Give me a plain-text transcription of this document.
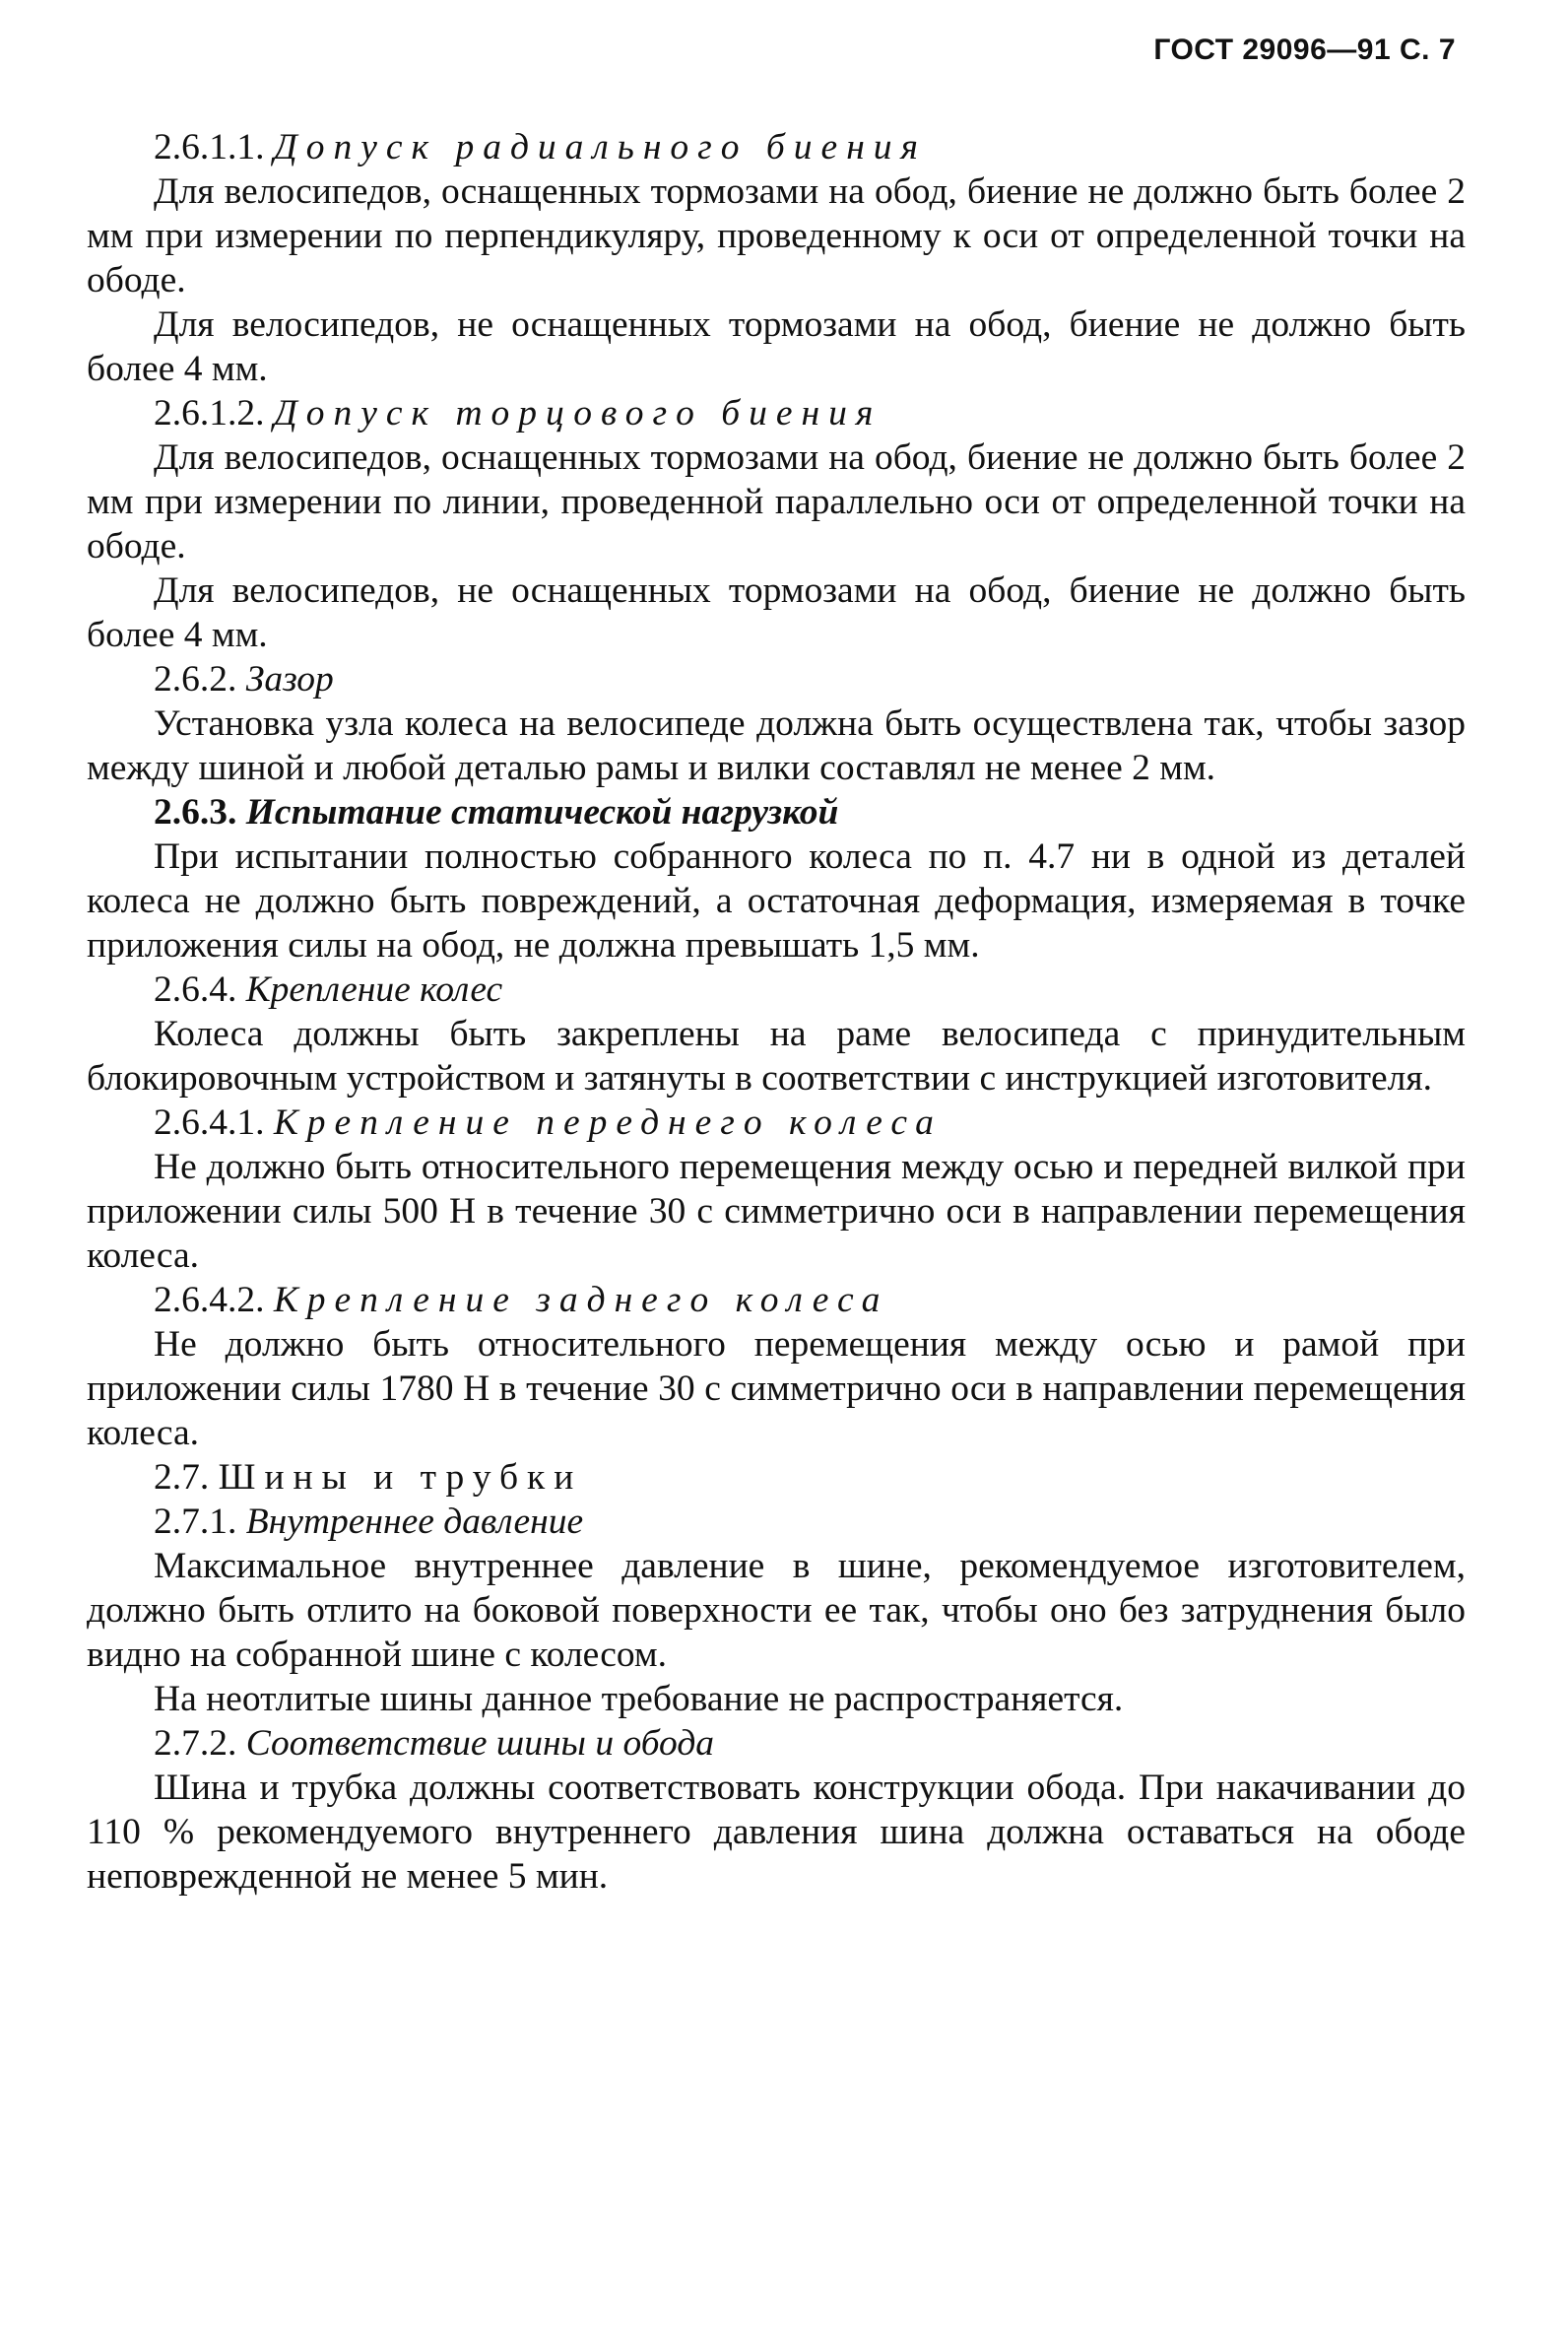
ГОСТ 29096—91 С. 7

2.6.1.1. Допуск радиального биения

Для велосипедов, оснащенных тормозами на обод, биение не должно быть более 2 мм при измерении по перпендикуляру, проведенному к оси от определенной точки на ободе.

Для велосипедов, не оснащенных тормозами на обод, биение не должно быть более 4 мм.

2.6.1.2. Допуск торцового биения

Для велосипедов, оснащенных тормозами на обод, биение не должно быть более 2 мм при измерении по линии, проведенной параллельно оси от определенной точки на ободе.

Для велосипедов, не оснащенных тормозами на обод, биение не должно быть более 4 мм.

2.6.2. Зазор

Установка узла колеса на велосипеде должна быть осуществлена так, чтобы зазор между шиной и любой деталью рамы и вилки составлял не менее 2 мм.

2.6.3. Испытание статической нагрузкой

При испытании полностью собранного колеса по п. 4.7 ни в одной из деталей колеса не должно быть повреждений, а остаточная деформация, измеряемая в точке приложения силы на обод, не должна превышать 1,5 мм.

2.6.4. Крепление колес

Колеса должны быть закреплены на раме велосипеда с принудительным блокировочным устройством и затянуты в соответствии с инструкцией изготовителя.

2.6.4.1. Крепление переднего колеса

Не должно быть относительного перемещения между осью и передней вилкой при приложении силы 500 Н в течение 30 с симметрично оси в направлении перемещения колеса.

2.6.4.2. Крепление заднего колеса

Не должно быть относительного перемещения между осью и рамой при приложении силы 1780 Н в течение 30 с симметрично оси в направлении перемещения колеса.

2.7. Шины и трубки

2.7.1. Внутреннее давление

Максимальное внутреннее давление в шине, рекомендуемое изготовителем, должно быть отлито на боковой поверхности ее так, чтобы оно без затруднения было видно на собранной шине с колесом.

На неотлитые шины данное требование не распространяется.

2.7.2. Соответствие шины и обода

Шина и трубка должны соответствовать конструкции обода. При накачивании до 110 % рекомендуемого внутреннего давления шина должна оставаться на ободе неповрежденной не менее 5 мин.
